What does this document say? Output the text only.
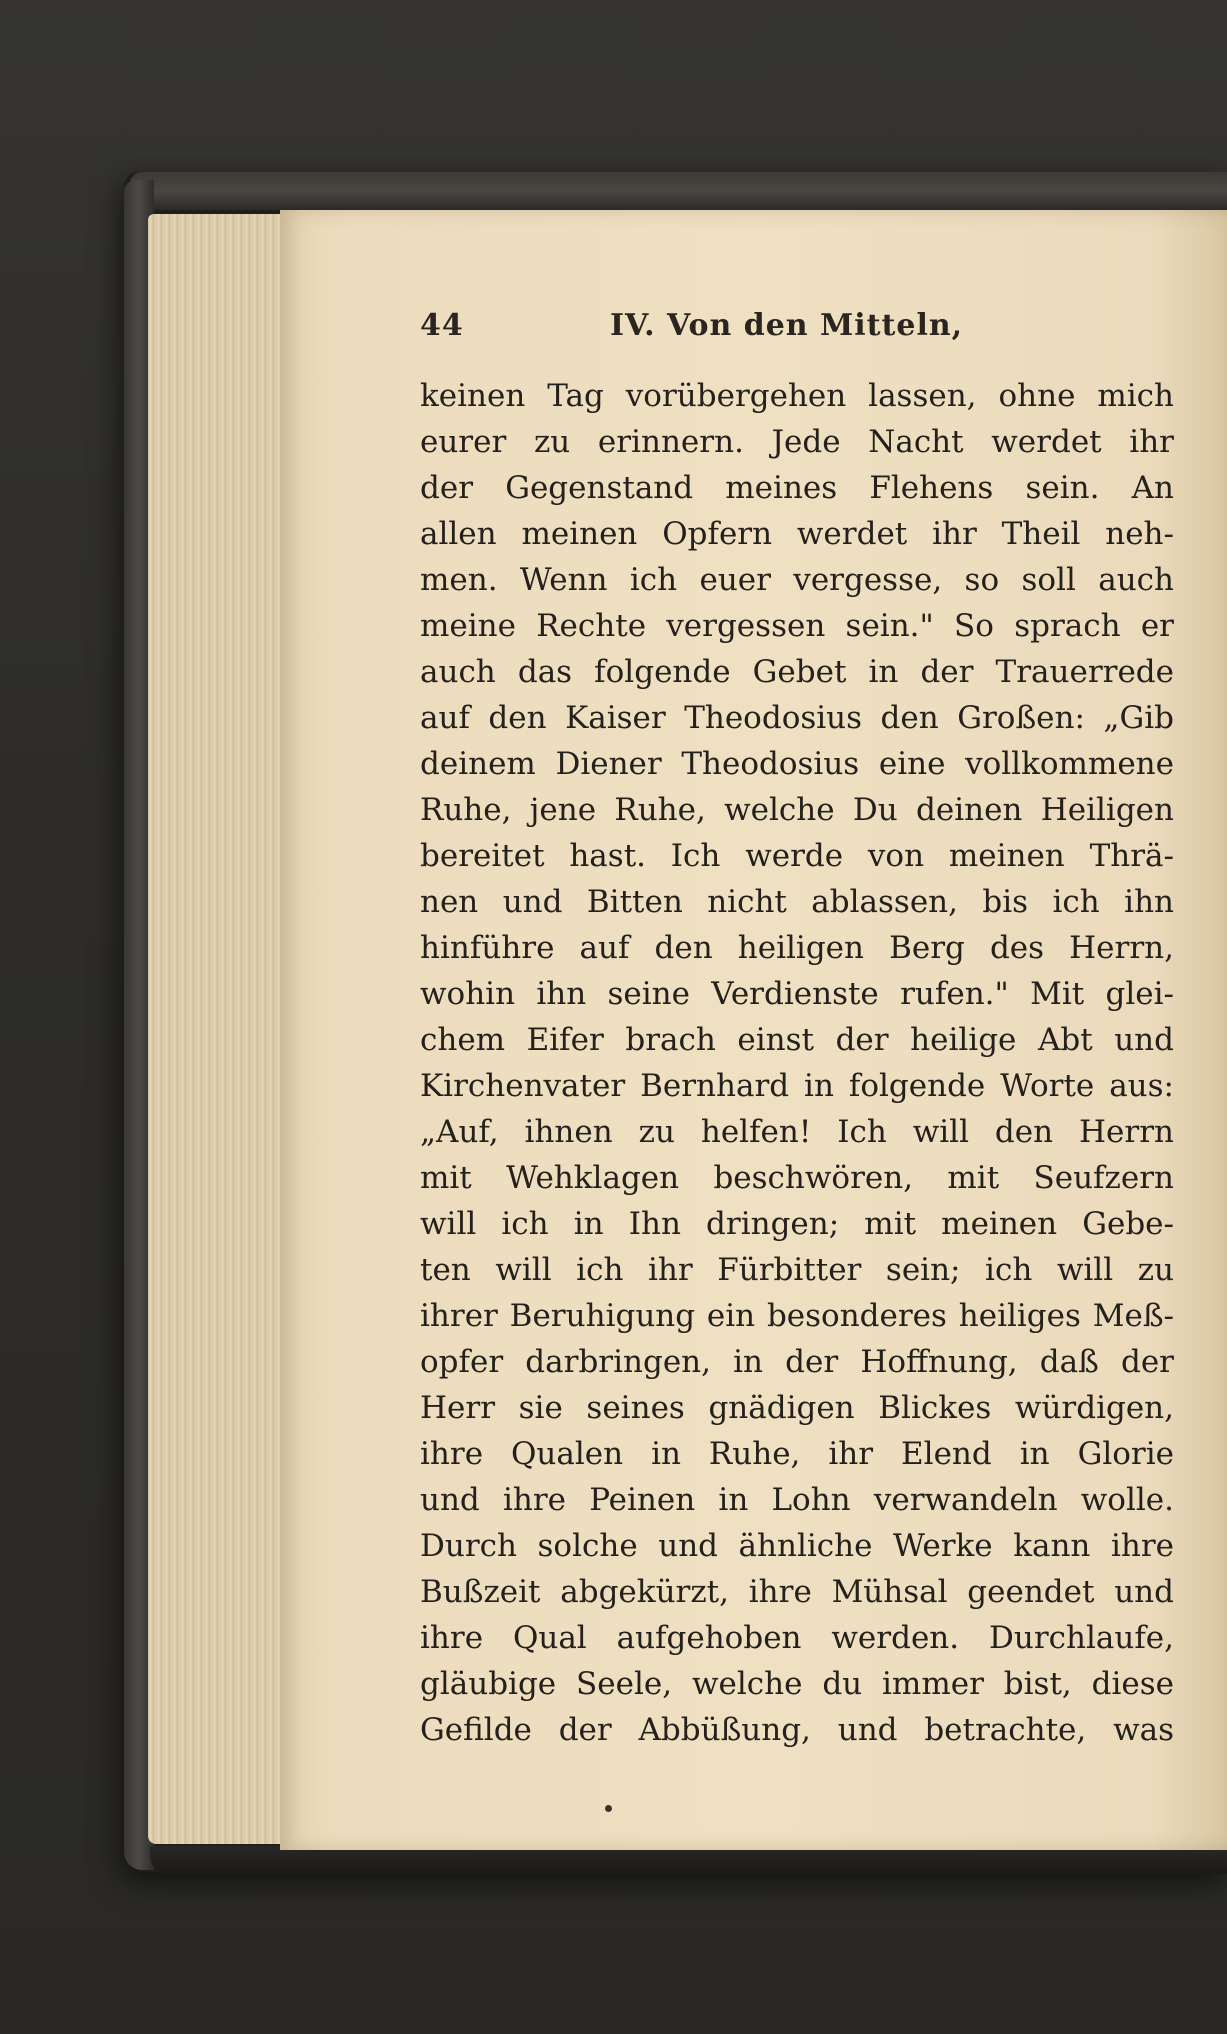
44	IV. Von den Mitteln,
keinen Tag vorübergehen lassen, ohne mich
eurer zu erinnern. Jede Nacht werdet ihr
der Gegenstand meines Flehens sein. An
allen meinen Opfern werdet ihr Theil neh-
men. Wenn ich euer vergesse, so soll auch
meine Rechte vergessen sein." So sprach er
auch das folgende Gebet in der Trauerrede
auf den Kaiser Theodosius den Großen: „Gib
deinem Diener Theodosius eine vollkommene
Ruhe, jene Ruhe, welche Du deinen Heiligen
bereitet hast. Ich werde von meinen Thrä-
nen und Bitten nicht ablassen, bis ich ihn
hinführe auf den heiligen Berg des Herrn,
wohin ihn seine Verdienste rufen." Mit glei-
chem Eifer brach einst der heilige Abt und
Kirchenvater Bernhard in folgende Worte aus:
„Auf, ihnen zu helfen! Ich will den Herrn
mit Wehklagen beschwören, mit Seufzern
will ich in Ihn dringen; mit meinen Gebe-
ten will ich ihr Fürbitter sein; ich will zu
ihrer Beruhigung ein besonderes heiliges Meß-
opfer darbringen, in der Hoffnung, daß der
Herr sie seines gnädigen Blickes würdigen,
ihre Qualen in Ruhe, ihr Elend in Glorie
und ihre Peinen in Lohn verwandeln wolle.
Durch solche und ähnliche Werke kann ihre
Bußzeit abgekürzt, ihre Mühsal geendet und
ihre Qual aufgehoben werden. Durchlaufe,
gläubige Seele, welche du immer bist, diese
Gefilde der Abbüßung, und betrachte, was
